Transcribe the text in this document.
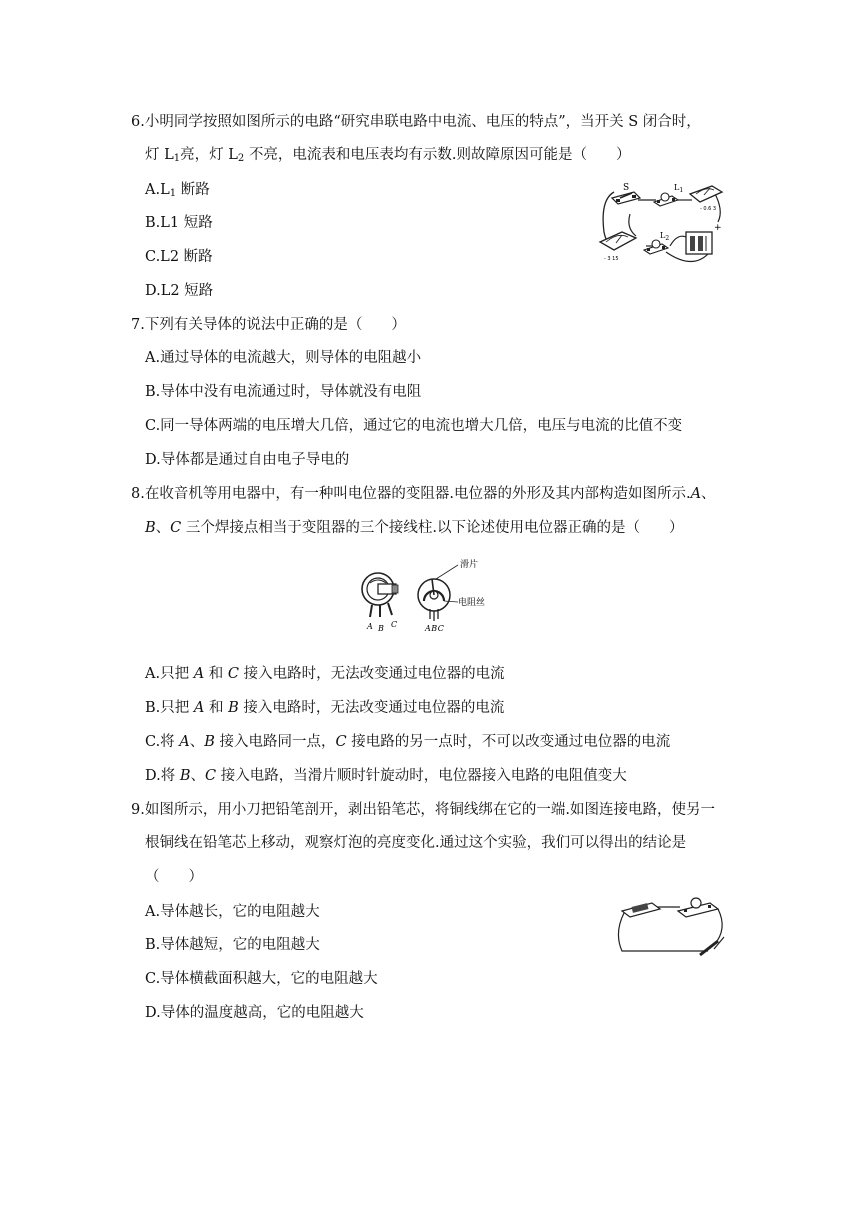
6.小明同学按照如图所示的电路“研究串联电路中电流、电压的特点”，当开关 S 闭合时，
灯 $L_1$亮，灯 $L_2$ 不亮，电流表和电压表均有示数.则故障原因可能是（　　）
$A.L_1$ 断路
B.L1 短路
C.L2 断路
D.L2 短路
S	$L_1$
- 0.6 3
- 3 15
$L_2$
+
7.下列有关导体的说法中正确的是（　　）
A.通过导体的电流越大，则导体的电阻越小
B.导体中没有电流通过时，导体就没有电阻
C.同一导体两端的电压增大几倍，通过它的电流也增大几倍，电压与电流的比值不变
D.导体都是通过自由电子导电的
8.在收音机等用电器中，有一种叫电位器的变阻器.电位器的外形及其内部构造如图所示.A、
B、C 三个焊接点相当于变阻器的三个接线柱.以下论述使用电位器正确的是（　　）
A B C
滑片
电阻丝
ABC
A.只把 A 和 C 接入电路时，无法改变通过电位器的电流
B.只把 A 和 B 接入电路时，无法改变通过电位器的电流
C.将 A、B 接入电路同一点，C 接电路的另一点时，不可以改变通过电位器的电流
D.将 B、C 接入电路，当滑片顺时针旋动时，电位器接入电路的电阻值变大
9.如图所示，用小刀把铅笔剖开，剥出铅笔芯，将铜线绑在它的一端.如图连接电路，使另一
根铜线在铅笔芯上移动，观察灯泡的亮度变化.通过这个实验，我们可以得出的结论是
（　　）
A.导体越长，它的电阻越大
B.导体越短，它的电阻越大
C.导体横截面积越大，它的电阻越大
D.导体的温度越高，它的电阻越大
